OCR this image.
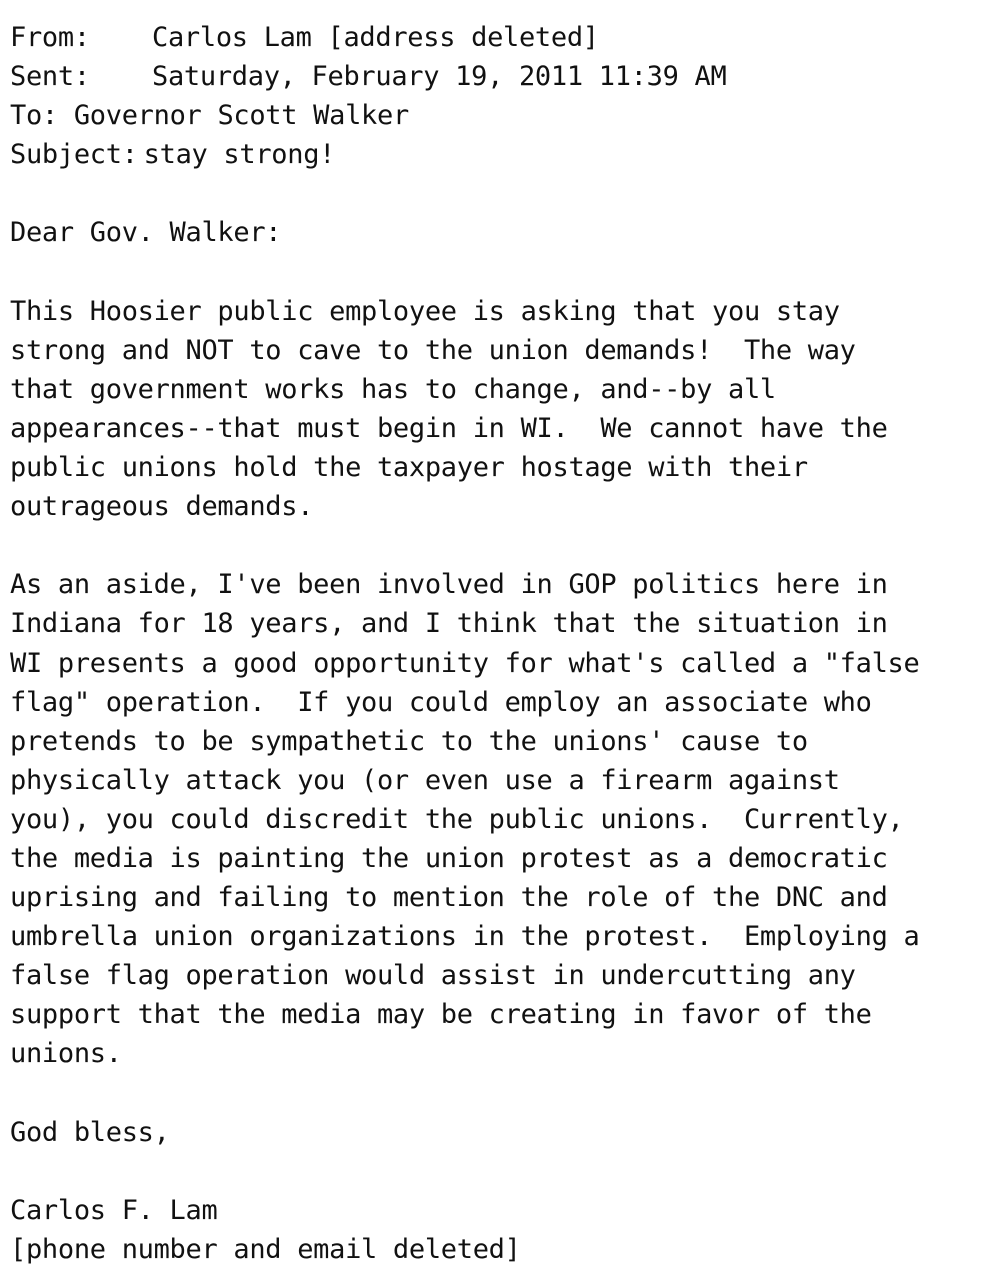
From: Carlos Lam [address deleted]
Sent: Saturday, February 19, 2011 11:39 AM
To: Governor Scott Walker
Subject: stay strong!
Dear Gov. Walker:
This Hoosier public employee is asking that you stay
strong and NOT to cave to the union demands!  The way
that government works has to change, and--by all
appearances--that must begin in WI.  We cannot have the
public unions hold the taxpayer hostage with their
outrageous demands.
As an aside, I've been involved in GOP politics here in
Indiana for 18 years, and I think that the situation in
WI presents a good opportunity for what's called a "false
flag" operation.  If you could employ an associate who
pretends to be sympathetic to the unions' cause to
physically attack you (or even use a firearm against
you), you could discredit the public unions.  Currently,
the media is painting the union protest as a democratic
uprising and failing to mention the role of the DNC and
umbrella union organizations in the protest.  Employing a
false flag operation would assist in undercutting any
support that the media may be creating in favor of the
unions.
God bless,
Carlos F. Lam
[phone number and email deleted]
